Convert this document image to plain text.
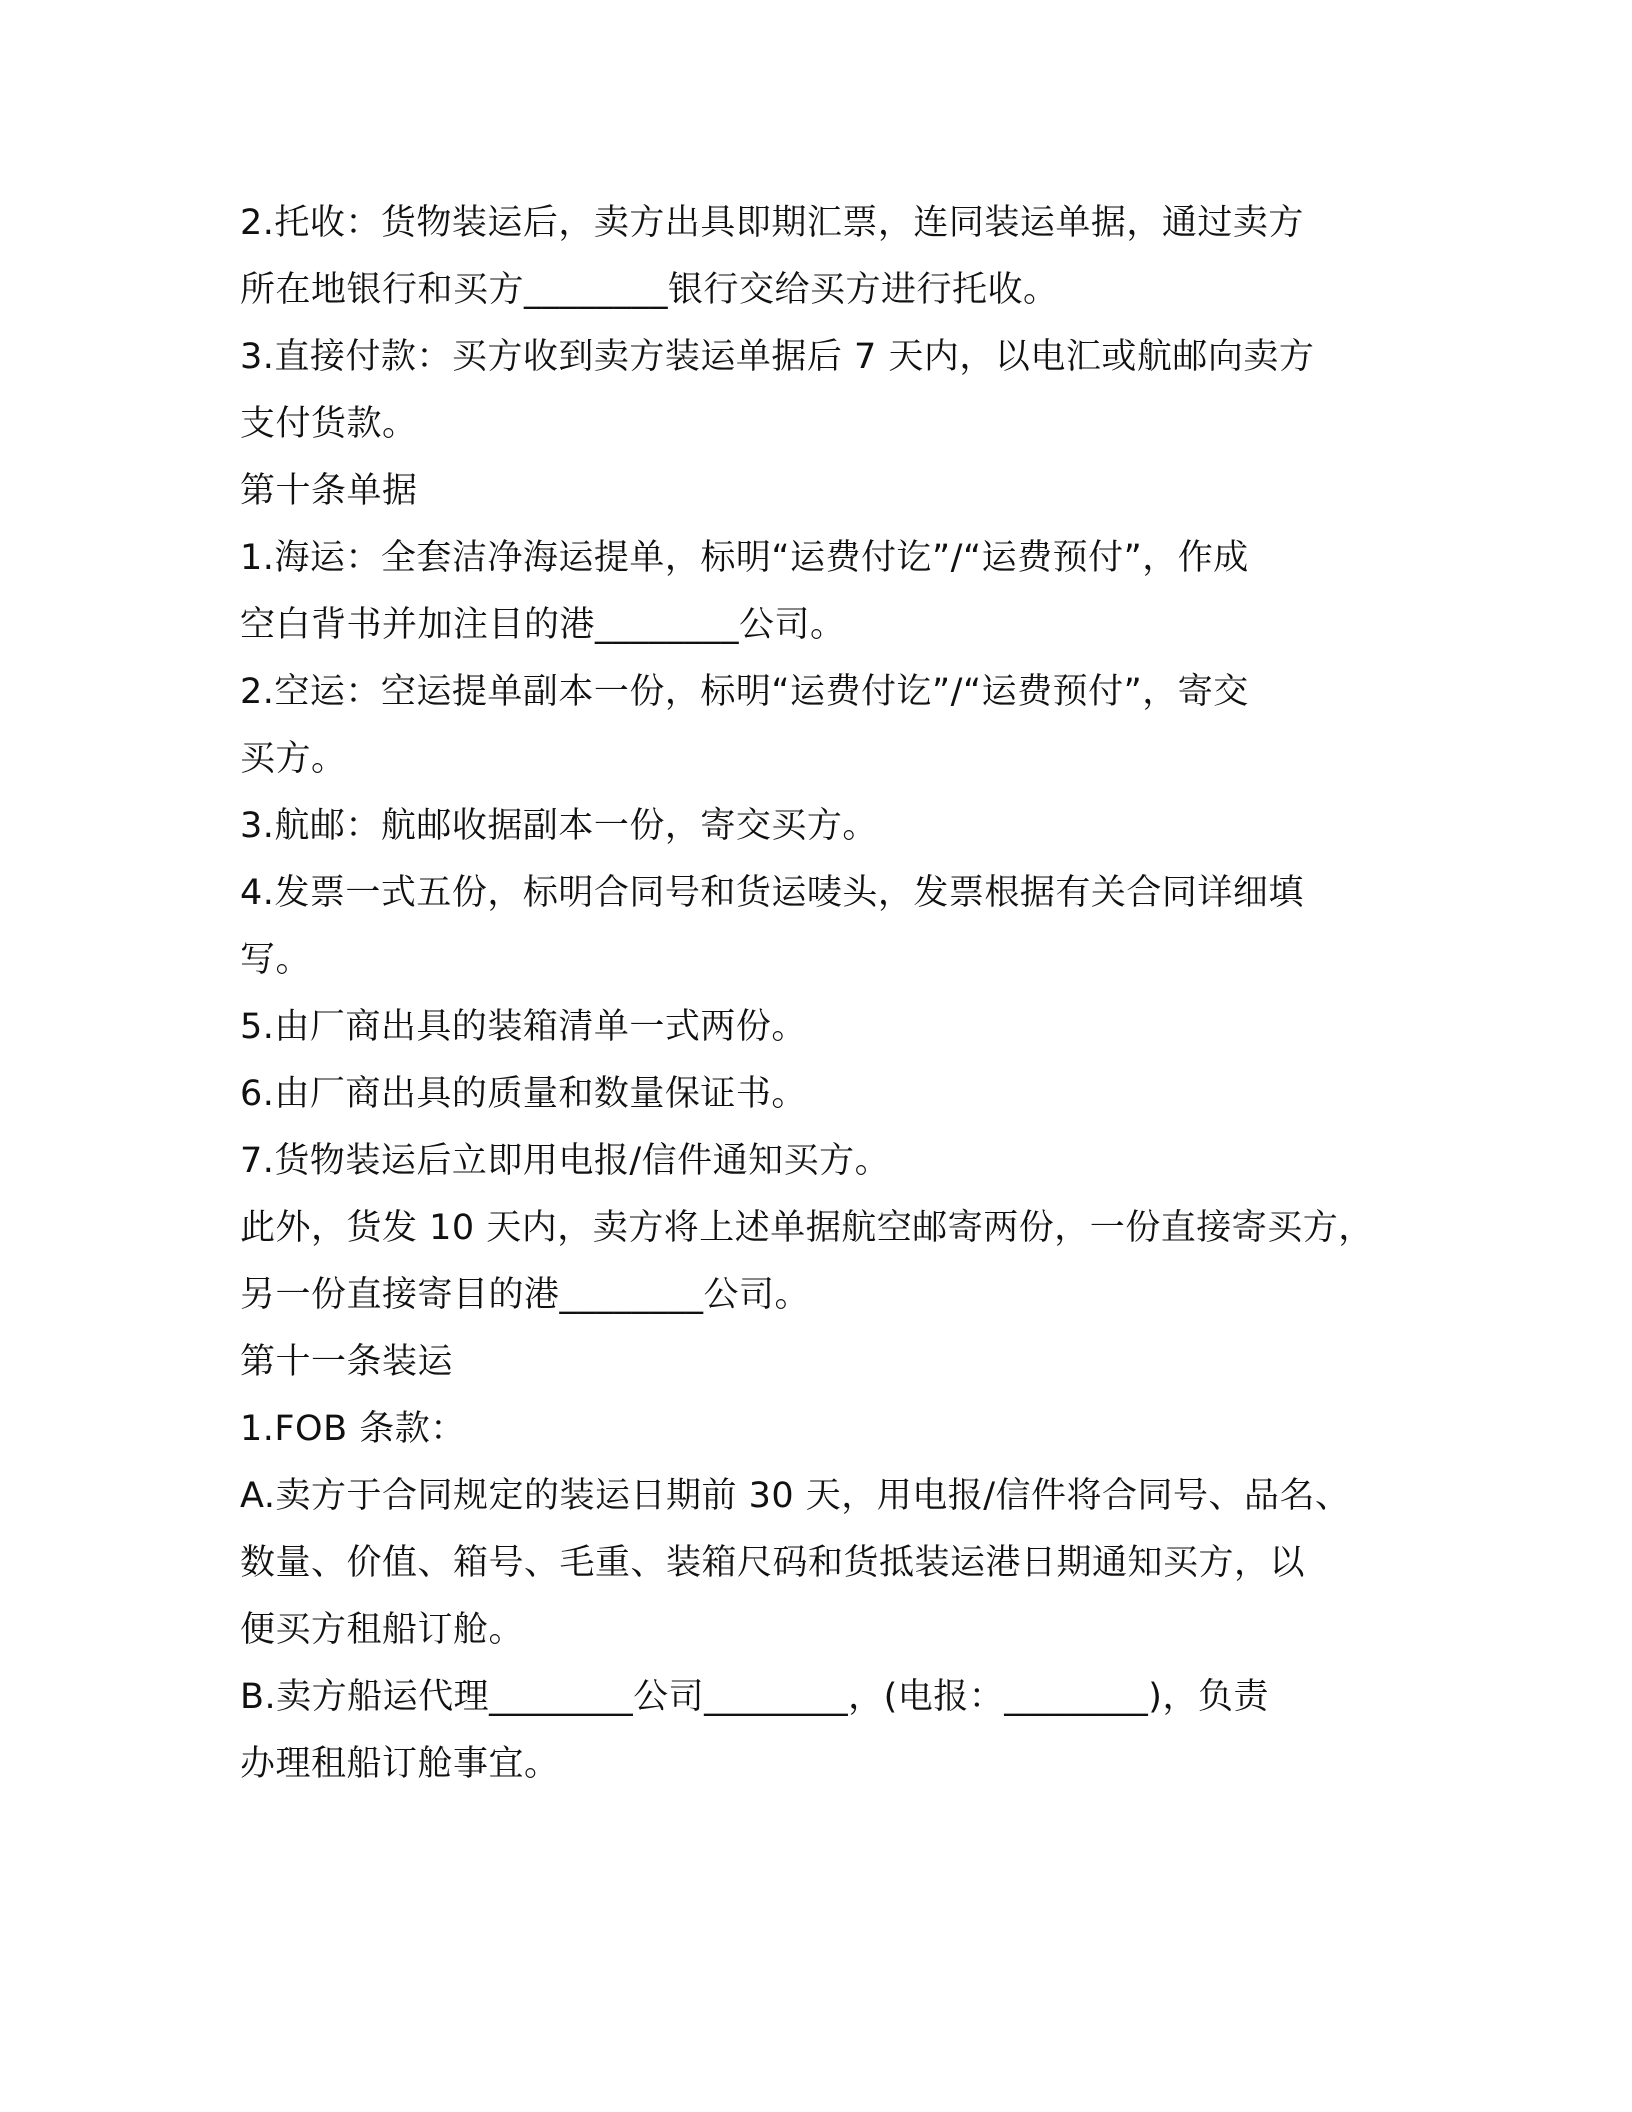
2.托收：货物装运后，卖方出具即期汇票，连同装运单据，通过卖方
所在地银行和买方________银行交给买方进行托收。
3.直接付款：买方收到卖方装运单据后 7 天内，以电汇或航邮向卖方
支付货款。
第十条单据
1.海运：全套洁净海运提单，标明“运费付讫”/“运费预付”，作成
空白背书并加注目的港________公司。
2.空运：空运提单副本一份，标明“运费付讫”/“运费预付”，寄交
买方。
3.航邮：航邮收据副本一份，寄交买方。
4.发票一式五份，标明合同号和货运唛头，发票根据有关合同详细填
写。
5.由厂商出具的装箱清单一式两份。
6.由厂商出具的质量和数量保证书。
7.货物装运后立即用电报/信件通知买方。
此外，货发 10 天内，卖方将上述单据航空邮寄两份，一份直接寄买方，
另一份直接寄目的港________公司。
第十一条装运
1.FOB 条款：
A.卖方于合同规定的装运日期前 30 天，用电报/信件将合同号、品名、
数量、价值、箱号、毛重、装箱尺码和货抵装运港日期通知买方，以
便买方租船订舱。
B.卖方船运代理________公司________，(电报：________)，负责
办理租船订舱事宜。
